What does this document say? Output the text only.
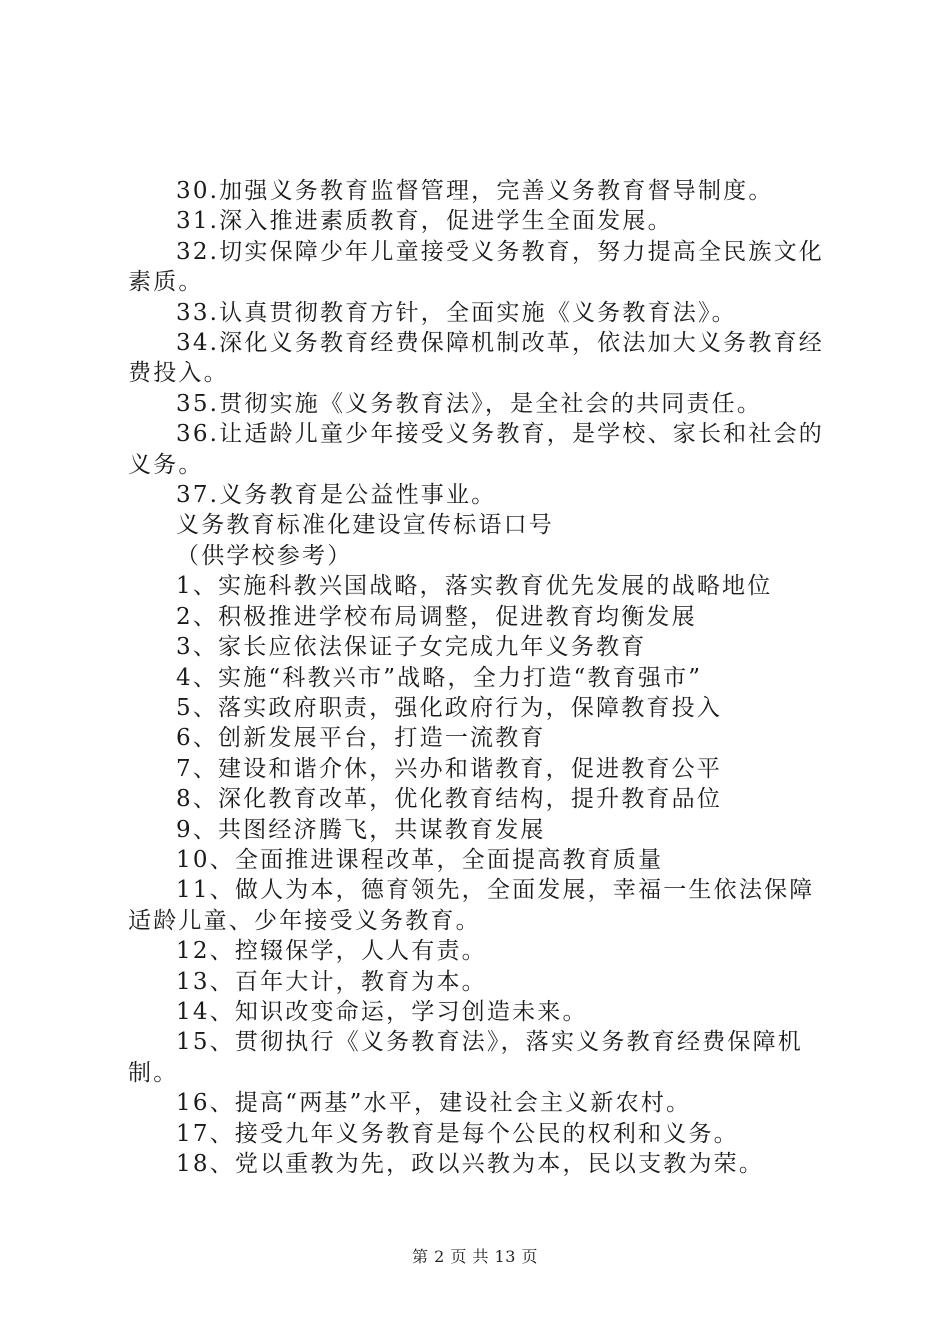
30.加强义务教育监督管理，完善义务教育督导制度。

31.深入推进素质教育，促进学生全面发展。

32.切实保障少年儿童接受义务教育，努力提高全民族文化素质。

33.认真贯彻教育方针，全面实施《义务教育法》。

34.深化义务教育经费保障机制改革，依法加大义务教育经费投入。

35.贯彻实施《义务教育法》，是全社会的共同责任。

36.让适龄儿童少年接受义务教育，是学校、家长和社会的义务。

37.义务教育是公益性事业。

义务教育标准化建设宣传标语口号

（供学校参考）

1、实施科教兴国战略，落实教育优先发展的战略地位

2、积极推进学校布局调整，促进教育均衡发展

3、家长应依法保证子女完成九年义务教育

4、实施“科教兴市”战略，全力打造“教育强市”

5、落实政府职责，强化政府行为，保障教育投入

6、创新发展平台，打造一流教育

7、建设和谐介休，兴办和谐教育，促进教育公平

8、深化教育改革，优化教育结构，提升教育品位

9、共图经济腾飞，共谋教育发展

10、全面推进课程改革，全面提高教育质量

11、做人为本，德育领先，全面发展，幸福一生依法保障适龄儿童、少年接受义务教育。

12、控辍保学，人人有责。

13、百年大计，教育为本。

14、知识改变命运，学习创造未来。

15、贯彻执行《义务教育法》，落实义务教育经费保障机制。

16、提高“两基”水平，建设社会主义新农村。

17、接受九年义务教育是每个公民的权利和义务。

18、党以重教为先，政以兴教为本，民以支教为荣。

第 2 页 共 13 页
